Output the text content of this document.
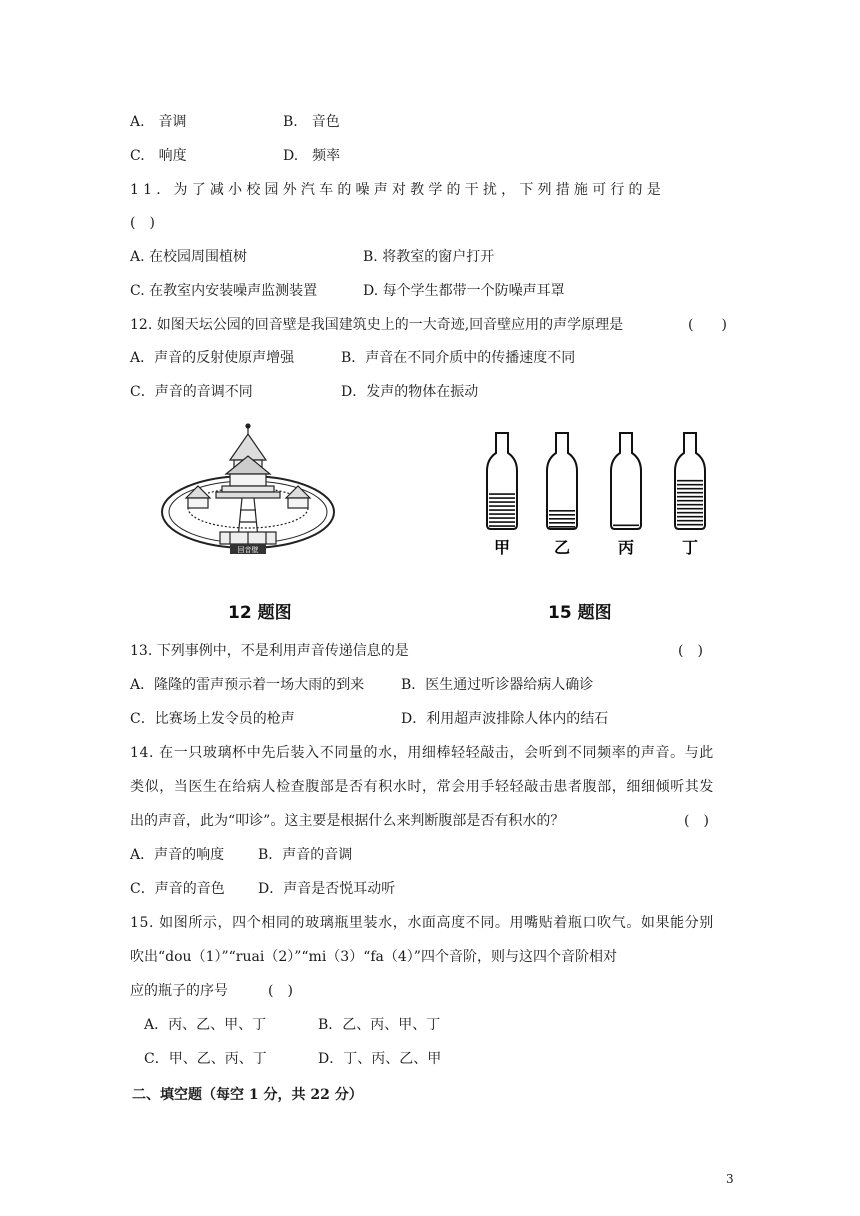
A.　音调	B.　音色
C.　响度	D.　频率
11. 为了减小校园外汽车的噪声对教学的干扰，下列措施可行的是
(　)
A. 在校园周围植树	B. 将教室的窗户打开
C. 在教室内安装噪声监测装置	D. 每个学生都带一个防噪声耳罩
12. 如图天坛公园的回音壁是我国建筑史上的一大奇迹,回音壁应用的声学原理是	(　　)
A．声音的反射使原声增强	B．声音在不同介质中的传播速度不同
C．声音的音调不同	D．发声的物体在振动
回音壁	甲	乙	丙	丁
12 题图	15 题图
13. 下列事例中，不是利用声音传递信息的是	(　)
A．隆隆的雷声预示着一场大雨的到来	B．医生通过听诊器给病人确诊
C．比赛场上发令员的枪声	D．利用超声波排除人体内的结石
14. 在一只玻璃杯中先后装入不同量的水，用细棒轻轻敲击，会听到不同频率的声音。与此
类似，当医生在给病人检查腹部是否有积水时，常会用手轻轻敲击患者腹部，细细倾听其发
出的声音，此为“叩诊”。这主要是根据什么来判断腹部是否有积水的？	(　)
A．声音的响度 B．声音的音调
C．声音的音色 D．声音是否悦耳动听
15. 如图所示，四个相同的玻璃瓶里装水，水面高度不同。用嘴贴着瓶口吹气。如果能分别
吹出“dou（1）”“ruai（2）”“mi（3）“fa（4）”四个音阶，则与这四个音阶相对
应的瓶子的序号	(　)
A．丙、乙、甲、丁	B．乙、丙、甲、丁
C．甲、乙、丙、丁	D．丁、丙、乙、甲
二、填空题（每空 1 分，共 22 分）
3
